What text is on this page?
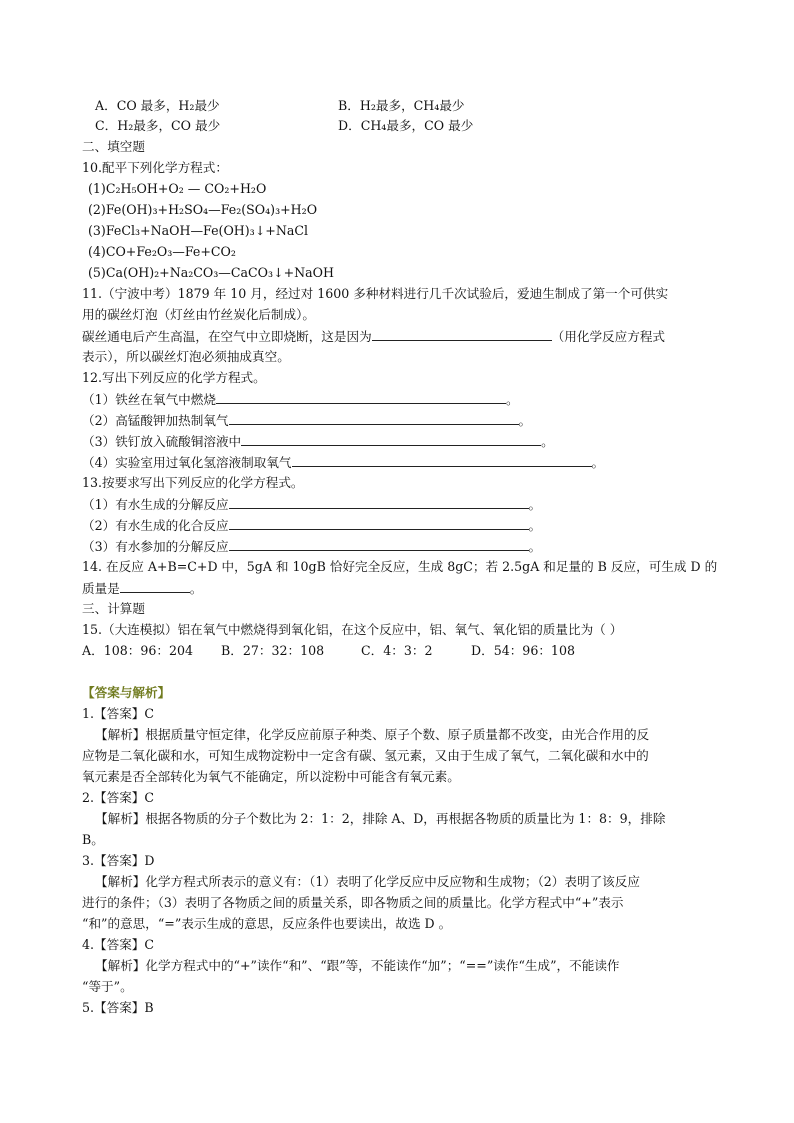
A．CO 最多，H₂最少	B．H₂最多，CH₄最少
C．H₂最多，CO 最少	D．CH₄最多，CO 最少
二、填空题
10.配平下列化学方程式：
(1)C₂H₅OH+O₂ — CO₂+H₂O
(2)Fe(OH)₃+H₂SO₄—Fe₂(SO₄)₃+H₂O
(3)FeCl₃+NaOH—Fe(OH)₃↓+NaCl
(4)CO+Fe₂O₃—Fe+CO₂
(5)Ca(OH)₂+Na₂CO₃—CaCO₃↓+NaOH
11.（宁波中考）1879 年 10 月，经过对 1600 多种材料进行几千次试验后，爱迪生制成了第一个可供实
用的碳丝灯泡（灯丝由竹丝炭化后制成）。
碳丝通电后产生高温，在空气中立即烧断，这是因为	（用化学反应方程式
表示），所以碳丝灯泡必须抽成真空。
12.写出下列反应的化学方程式。
（1）铁丝在氧气中燃烧	。
（2）高锰酸钾加热制氧气	。
（3）铁钉放入硫酸铜溶液中	。
（4）实验室用过氧化氢溶液制取氧气	。
13.按要求写出下列反应的化学方程式。
（1）有水生成的分解反应	。
（2）有水生成的化合反应	。
（3）有水参加的分解反应	。
14. 在反应 A+B=C+D 中，5gA 和 10gB 恰好完全反应，生成 8gC；若 2.5gA 和足量的 B 反应，可生成 D 的
质量是	。
三、计算题
15.（大连模拟）铝在氧气中燃烧得到氧化铝，在这个反应中，铝、氧气、氧化铝的质量比为（ ）
A．108：96：204 B．27：32：108	C．4：3：2	D．54：96：108
【答案与解析】
1.【答案】C
【解析】根据质量守恒定律，化学反应前原子种类、原子个数、原子质量都不改变，由光合作用的反
应物是二氧化碳和水，可知生成物淀粉中一定含有碳、氢元素，又由于生成了氧气，二氧化碳和水中的
氧元素是否全部转化为氧气不能确定，所以淀粉中可能含有氧元素。
2.【答案】C
【解析】根据各物质的分子个数比为 2：1：2，排除 A、D，再根据各物质的质量比为 1：8：9，排除
B。
3.【答案】D
【解析】化学方程式所表示的意义有：（1）表明了化学反应中反应物和生成物；（2）表明了该反应
进行的条件；（3）表明了各物质之间的质量关系，即各物质之间的质量比。化学方程式中“+”表示
“和”的意思，“=”表示生成的意思，反应条件也要读出，故选 D 。
4.【答案】C
【解析】化学方程式中的“+”读作“和”、“跟”等，不能读作“加”；“==”读作“生成”，不能读作
“等于”。
5.【答案】B
